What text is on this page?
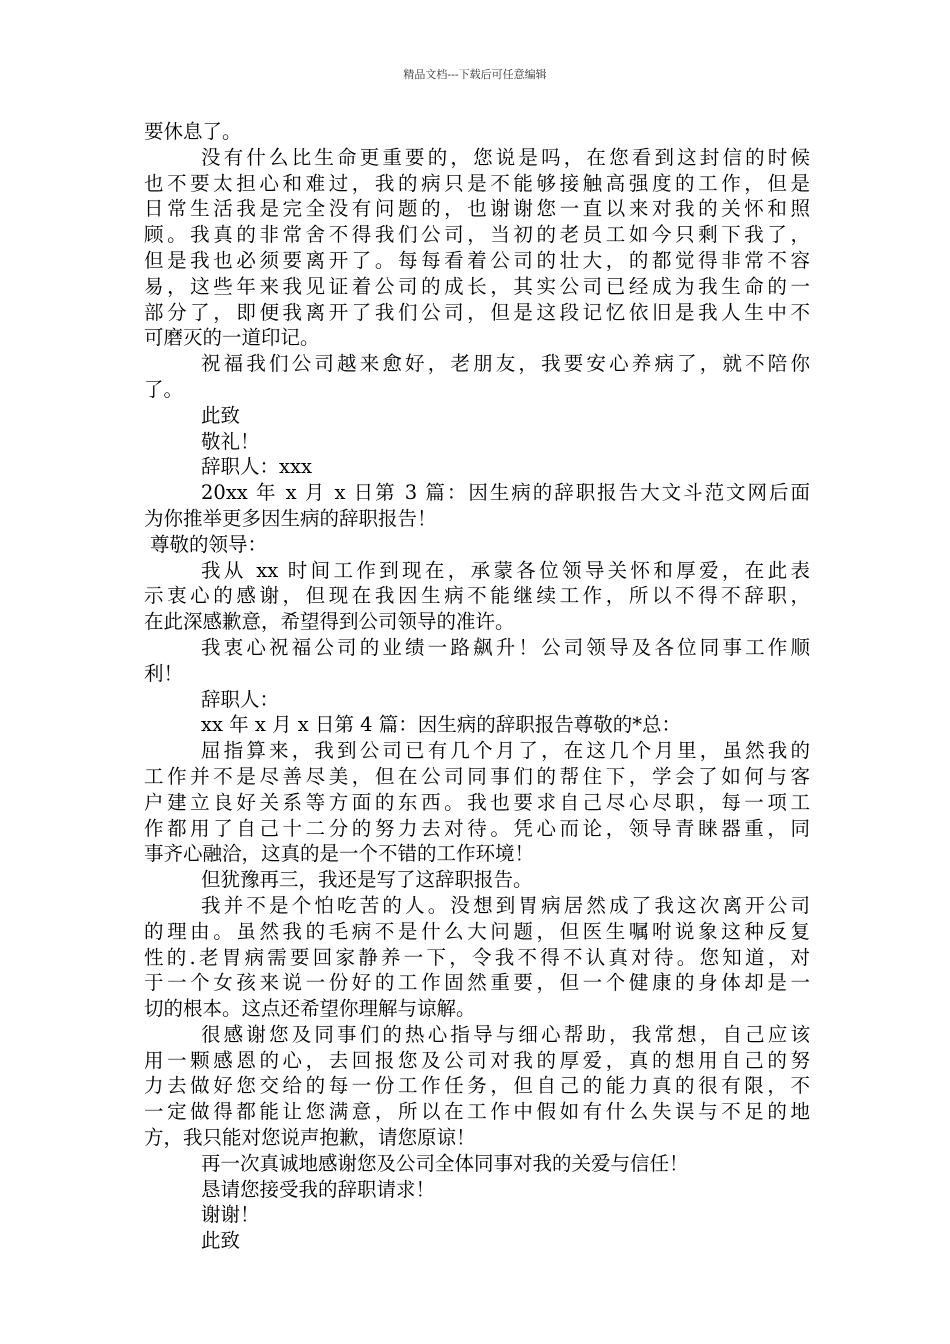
精品文档---下载后可任意编辑
要休息了。
没有什么比生命更重要的，您说是吗，在您看到这封信的时候
也不要太担心和难过，我的病只是不能够接触高强度的工作，但是
日常生活我是完全没有问题的，也谢谢您一直以来对我的关怀和照
顾。我真的非常舍不得我们公司，当初的老员工如今只剩下我了，
但是我也必须要离开了。每每看着公司的壮大，的都觉得非常不容
易，这些年来我见证着公司的成长，其实公司已经成为我生命的一
部分了，即便我离开了我们公司，但是这段记忆依旧是我人生中不
可磨灭的一道印记。
祝福我们公司越来愈好，老朋友，我要安心养病了，就不陪你
了。
此致
敬礼！
辞职人：xxx
20xx 年 x 月 x 日第 3 篇：因生病的辞职报告大文斗范文网后面
为你推举更多因生病的辞职报告！
尊敬的领导：
我从 xx 时间工作到现在，承蒙各位领导关怀和厚爱，在此表
示衷心的感谢，但现在我因生病不能继续工作，所以不得不辞职，
在此深感歉意，希望得到公司领导的准许。
我衷心祝福公司的业绩一路飙升！公司领导及各位同事工作顺
利！
辞职人：
xx 年 x 月 x 日第 4 篇：因生病的辞职报告尊敬的*总：
屈指算来，我到公司已有几个月了，在这几个月里，虽然我的
工作并不是尽善尽美，但在公司同事们的帮住下，学会了如何与客
户建立良好关系等方面的东西。我也要求自己尽心尽职，每一项工
作都用了自己十二分的努力去对待。凭心而论，领导青睐器重，同
事齐心融洽，这真的是一个不错的工作环境！
但犹豫再三，我还是写了这辞职报告。
我并不是个怕吃苦的人。没想到胃病居然成了我这次离开公司
的理由。虽然我的毛病不是什么大问题，但医生嘱咐说象这种反复
性的.老胃病需要回家静养一下，令我不得不认真对待。您知道，对
于一个女孩来说一份好的工作固然重要，但一个健康的身体却是一
切的根本。这点还希望你理解与谅解。
很感谢您及同事们的热心指导与细心帮助，我常想，自己应该
用一颗感恩的心，去回报您及公司对我的厚爱，真的想用自己的努
力去做好您交给的每一份工作任务，但自己的能力真的很有限，不
一定做得都能让您满意，所以在工作中假如有什么失误与不足的地
方，我只能对您说声抱歉，请您原谅！
再一次真诚地感谢您及公司全体同事对我的关爱与信任！
恳请您接受我的辞职请求！
谢谢！
此致
